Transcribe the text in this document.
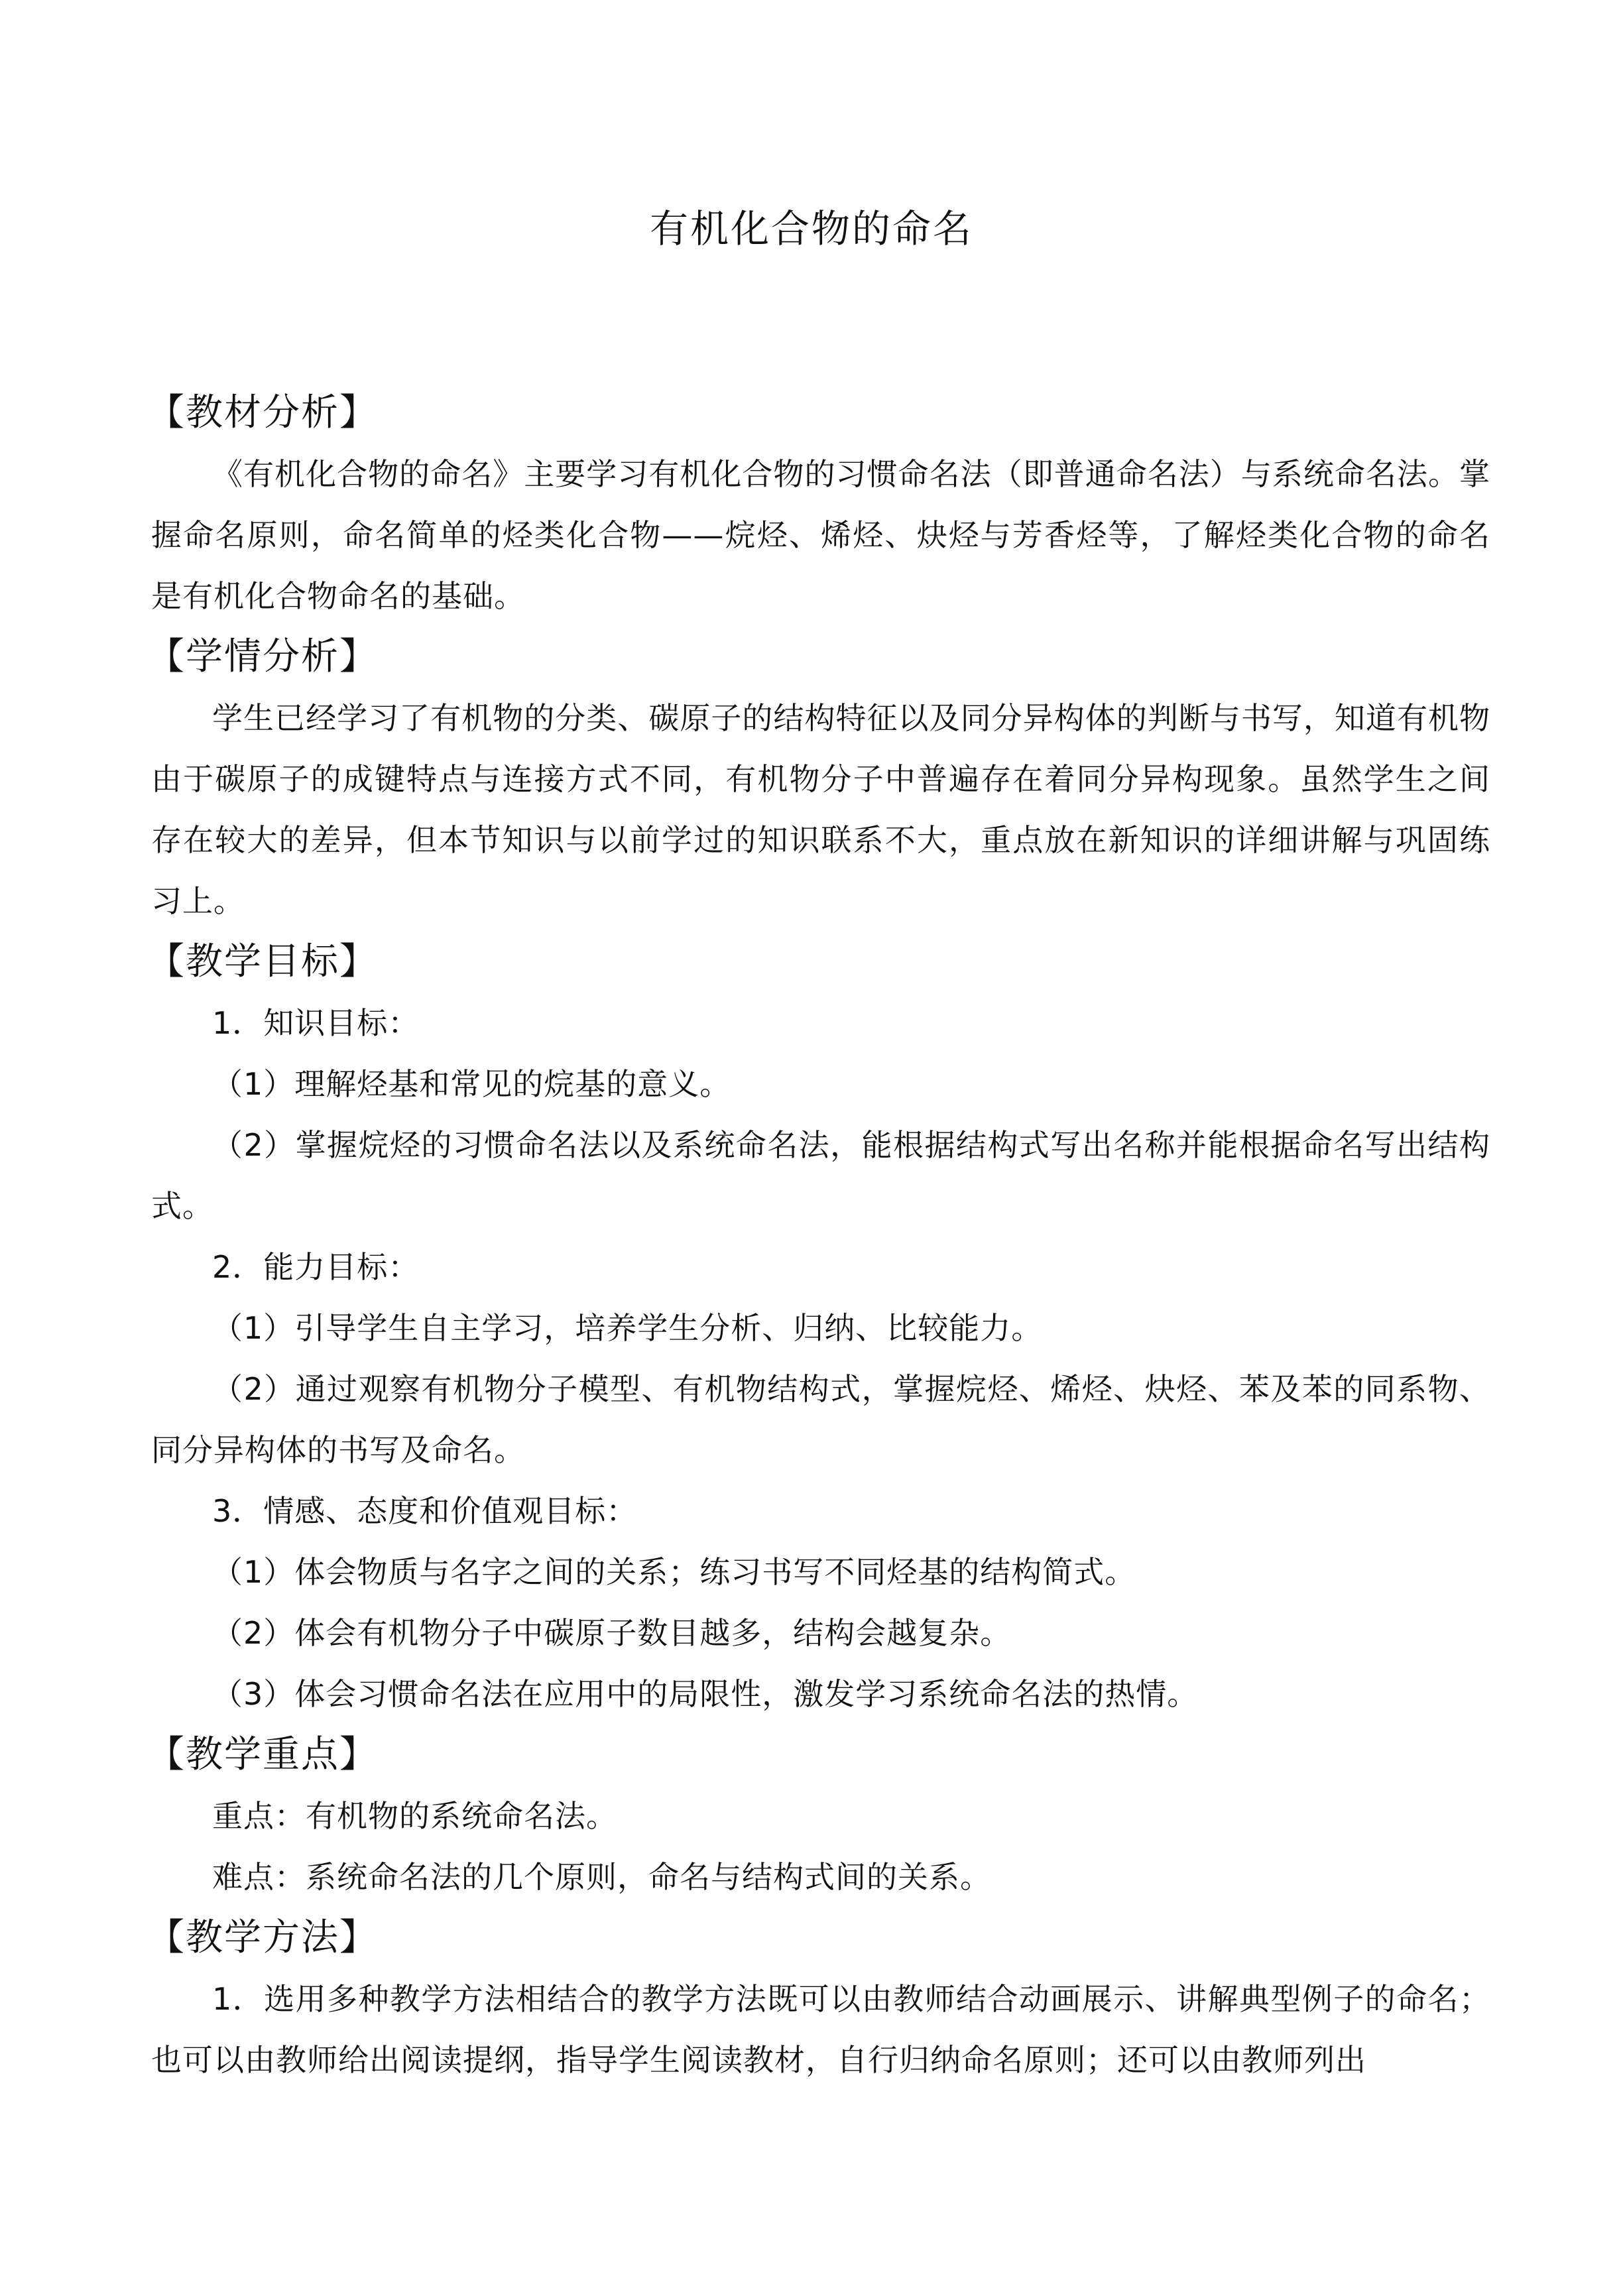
有机化合物的命名
【教材分析】

《有机化合物的命名》主要学习有机化合物的习惯命名法（即普通命名法）与系统命名法。掌握命名原则，命名简单的烃类化合物——烷烃、烯烃、炔烃与芳香烃等，了解烃类化合物的命名是有机化合物命名的基础。

【学情分析】

学生已经学习了有机物的分类、碳原子的结构特征以及同分异构体的判断与书写，知道有机物由于碳原子的成键特点与连接方式不同，有机物分子中普遍存在着同分异构现象。虽然学生之间存在较大的差异，但本节知识与以前学过的知识联系不大，重点放在新知识的详细讲解与巩固练习上。

【教学目标】

1．知识目标：

（1）理解烃基和常见的烷基的意义。

（2）掌握烷烃的习惯命名法以及系统命名法，能根据结构式写出名称并能根据命名写出结构式。

2．能力目标：

（1）引导学生自主学习，培养学生分析、归纳、比较能力。

（2）通过观察有机物分子模型、有机物结构式，掌握烷烃、烯烃、炔烃、苯及苯的同系物、同分异构体的书写及命名。

3．情感、态度和价值观目标：

（1）体会物质与名字之间的关系；练习书写不同烃基的结构简式。

（2）体会有机物分子中碳原子数目越多，结构会越复杂。

（3）体会习惯命名法在应用中的局限性，激发学习系统命名法的热情。

【教学重点】

重点：有机物的系统命名法。

难点：系统命名法的几个原则，命名与结构式间的关系。

【教学方法】

1．选用多种教学方法相结合的教学方法既可以由教师结合动画展示、讲解典型例子的命名；也可以由教师给出阅读提纲，指导学生阅读教材，自行归纳命名原则；还可以由教师列出
